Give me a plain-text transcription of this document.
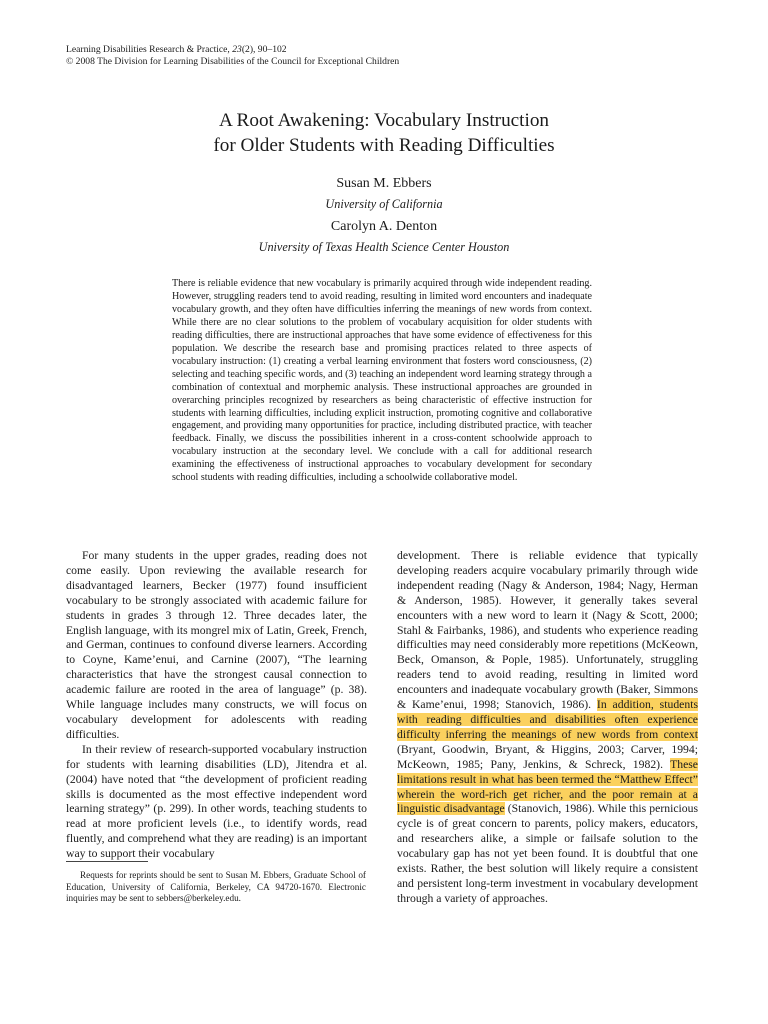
Learning Disabilities Research & Practice, 23(2), 90–102
© 2008 The Division for Learning Disabilities of the Council for Exceptional Children
A Root Awakening: Vocabulary Instruction
for Older Students with Reading Difficulties
Susan M. Ebbers
University of California
Carolyn A. Denton
University of Texas Health Science Center Houston

There is reliable evidence that new vocabulary is primarily acquired through wide independent reading. However, struggling readers tend to avoid reading, resulting in limited word encounters and inadequate vocabulary growth, and they often have difficulties inferring the meanings of new words from context. While there are no clear solutions to the problem of vocabulary acquisition for older students with reading difficulties, there are instructional approaches that have some evidence of effectiveness for this population. We describe the research base and promising practices related to three aspects of vocabulary instruction: (1) creating a verbal learning environment that fosters word consciousness, (2) selecting and teaching specific words, and (3) teaching an independent word learning strategy through a combination of contextual and morphemic analysis. These instructional approaches are grounded in overarching principles recognized by researchers as being characteristic of effective instruction for students with learning difficulties, including explicit instruction, promoting cognitive and collaborative engagement, and providing many opportunities for practice, including distributed practice, with teacher feedback. Finally, we discuss the possibilities inherent in a cross-content schoolwide approach to vocabulary instruction at the secondary level. We conclude with a call for additional research examining the effectiveness of instructional approaches to vocabulary development for secondary school students with reading difficulties, including a schoolwide collaborative model.

For many students in the upper grades, reading does not come easily. Upon reviewing the available research for disadvantaged learners, Becker (1977) found insufficient vocabulary to be strongly associated with academic failure for students in grades 3 through 12. Three decades later, the English language, with its mongrel mix of Latin, Greek, French, and German, continues to confound diverse learners. According to Coyne, Kame’enui, and Carnine (2007), “The learning characteristics that have the strongest causal connection to academic failure are rooted in the area of language” (p. 38). While language includes many constructs, we will focus on vocabulary development for adolescents with reading difficulties.

In their review of research-supported vocabulary instruction for students with learning disabilities (LD), Jitendra et al. (2004) have noted that “the development of proficient reading skills is documented as the most effective independent word learning strategy” (p. 299). In other words, teaching students to read at more proficient levels (i.e., to identify words, read fluently, and comprehend what they are reading) is an important way to support their vocabulary

Requests for reprints should be sent to Susan M. Ebbers, Graduate School of Education, University of California, Berkeley, CA 94720-1670. Electronic inquiries may be sent to sebbers@berkeley.edu.

development. There is reliable evidence that typically developing readers acquire vocabulary primarily through wide independent reading (Nagy & Anderson, 1984; Nagy, Herman & Anderson, 1985). However, it generally takes several encounters with a new word to learn it (Nagy & Scott, 2000; Stahl & Fairbanks, 1986), and students who experience reading difficulties may need considerably more repetitions (McKeown, Beck, Omanson, & Pople, 1985). Unfortunately, struggling readers tend to avoid reading, resulting in limited word encounters and inadequate vocabulary growth (Baker, Simmons & Kame’enui, 1998; Stanovich, 1986). In addition, students with reading difficulties and disabilities often experience difficulty inferring the meanings of new words from context (Bryant, Goodwin, Bryant, & Higgins, 2003; Carver, 1994; McKeown, 1985; Pany, Jenkins, & Schreck, 1982). These limitations result in what has been termed the “Matthew Effect” wherein the word-rich get richer, and the poor remain at a linguistic disadvantage (Stanovich, 1986). While this pernicious cycle is of great concern to parents, policy makers, educators, and researchers alike, a simple or failsafe solution to the vocabulary gap has not yet been found. It is doubtful that one exists. Rather, the best solution will likely require a consistent and persistent long-term investment in vocabulary development through a variety of approaches.
